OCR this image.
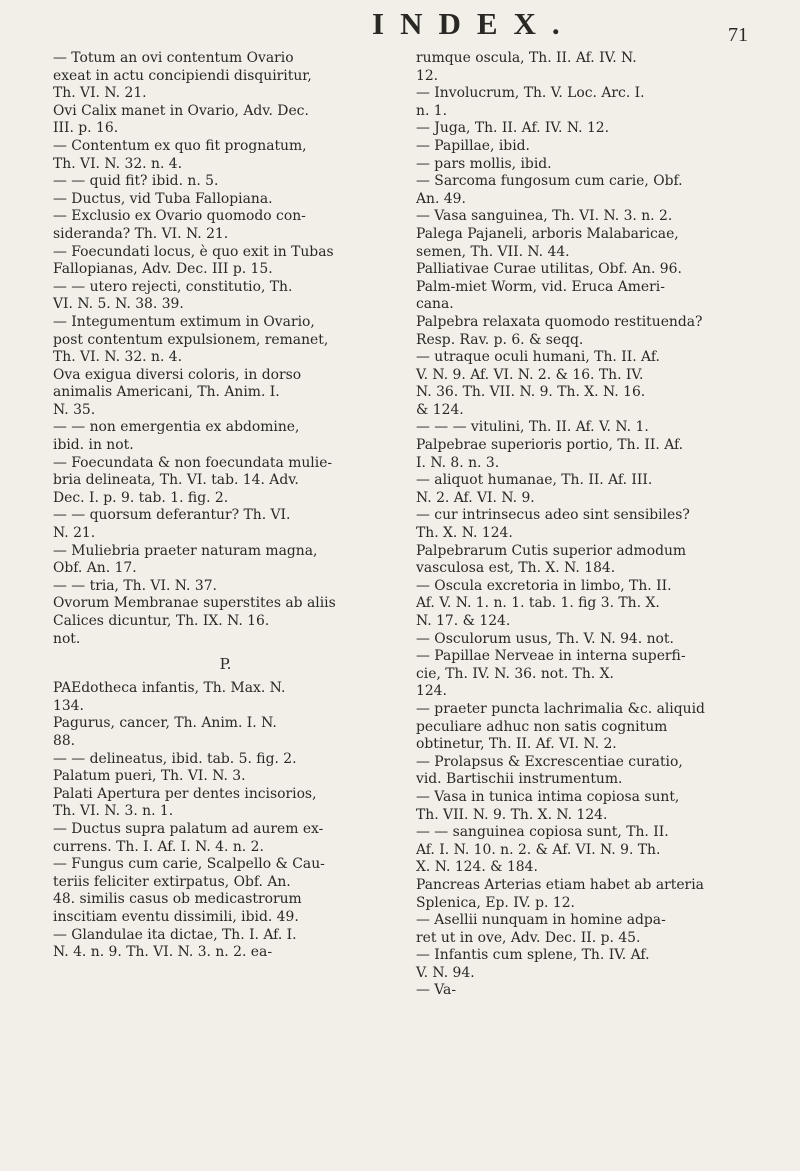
INDEX.	71
— Totum an ovi contentum Ovario
exeat in actu concipiendi disquiritur,
Th. VI. N. 21.
Ovi Calix manet in Ovario, Adv. Dec.
III. p. 16.
— Contentum ex quo fit prognatum,
Th. VI. N. 32. n. 4.
— — quid fit? ibid. n. 5.
— Ductus, vid Tuba Fallopiana.
— Exclusio ex Ovario quomodo con-
sideranda? Th. VI. N. 21.
— Foecundati locus, è quo exit in Tubas
Fallopianas, Adv. Dec. III p. 15.
— — utero rejecti, constitutio, Th.
VI. N. 5. N. 38. 39.
— Integumentum extimum in Ovario,
post contentum expulsionem, remanet,
Th. VI. N. 32. n. 4.
Ova exigua diversi coloris, in dorso
animalis Americani, Th. Anim. I.
N. 35.
— — non emergentia ex abdomine,
ibid. in not.
— Foecundata & non foecundata mulie-
bria delineata, Th. VI. tab. 14. Adv.
Dec. I. p. 9. tab. 1. fig. 2.
— — quorsum deferantur? Th. VI.
N. 21.
— Muliebria praeter naturam magna,
Obf. An. 17.
— — tria, Th. VI. N. 37.
Ovorum Membranae superstites ab aliis
Calices dicuntur, Th. IX. N. 16.
not.
P.
PAEdotheca infantis, Th. Max. N.
134.
Pagurus, cancer, Th. Anim. I. N.
88.
— — delineatus, ibid. tab. 5. fig. 2.
Palatum pueri, Th. VI. N. 3.
Palati Apertura per dentes incisorios,
Th. VI. N. 3. n. 1.
— Ductus supra palatum ad aurem ex-
currens. Th. I. Af. I. N. 4. n. 2.
— Fungus cum carie, Scalpello & Cau-
teriis feliciter extirpatus, Obf. An.
48. similis casus ob medicastrorum
inscitiam eventu dissimili, ibid. 49.
— Glandulae ita dictae, Th. I. Af. I.
N. 4. n. 9. Th. VI. N. 3. n. 2. ea-
rumque osculа, Th. II. Af. IV. N.
12.
— Involucrum, Th. V. Loc. Arc. I.
n. 1.
— Juga, Th. II. Af. IV. N. 12.
— Papillae, ibid.
— pars mollis, ibid.
— Sarcoma fungosum cum carie, Obf.
An. 49.
— Vasa sanguinea, Th. VI. N. 3. n. 2.
Palega Pajaneli, arboris Malabaricae,
semen, Th. VII. N. 44.
Palliativae Curae utilitas, Obf. An. 96.
Palm-miet Worm, vid. Eruca Ameri-
cana.
Palpebra relaxata quomodo restituenda?
Resp. Rav. p. 6. & seqq.
— utraque oculi humani, Th. II. Af.
V. N. 9. Af. VI. N. 2. & 16. Th. IV.
N. 36. Th. VII. N. 9. Th. X. N. 16.
& 124.
— — — vitulini, Th. II. Af. V. N. 1.
Palpebrae superioris portio, Th. II. Af.
I. N. 8. n. 3.
— aliquot humanae, Th. II. Af. III.
N. 2. Af. VI. N. 9.
— cur intrinsecus adeo sint sensibiles?
Th. X. N. 124.
Palpebrarum Cutis superior admodum
vasculosa est, Th. X. N. 184.
— Oscula excretoria in limbo, Th. II.
Af. V. N. 1. n. 1. tab. 1. fig 3. Th. X.
N. 17. & 124.
— Osculorum usus, Th. V. N. 94. not.
— Papillae Nerveae in interna superfi-
cie, Th. IV. N. 36. not. Th. X.
124.
— praeter puncta lachrimalia &c. aliquid
peculiare adhuc non satis cognitum
obtinetur, Th. II. Af. VI. N. 2.
— Prolapsus & Excrescentiae curatio,
vid. Bartischii instrumentum.
— Vasa in tunica intima copiosa sunt,
Th. VII. N. 9. Th. X. N. 124.
— — sanguinea copiosa sunt, Th. II.
Af. I. N. 10. n. 2. & Af. VI. N. 9. Th.
X. N. 124. & 184.
Pancreas Arterias etiam habet ab arteria
Splenica, Ep. IV. p. 12.
— Asellii nunquam in homine adpa-
ret ut in ove, Adv. Dec. II. p. 45.
— Infantis cum splene, Th. IV. Af.
V. N. 94.
— Va-
